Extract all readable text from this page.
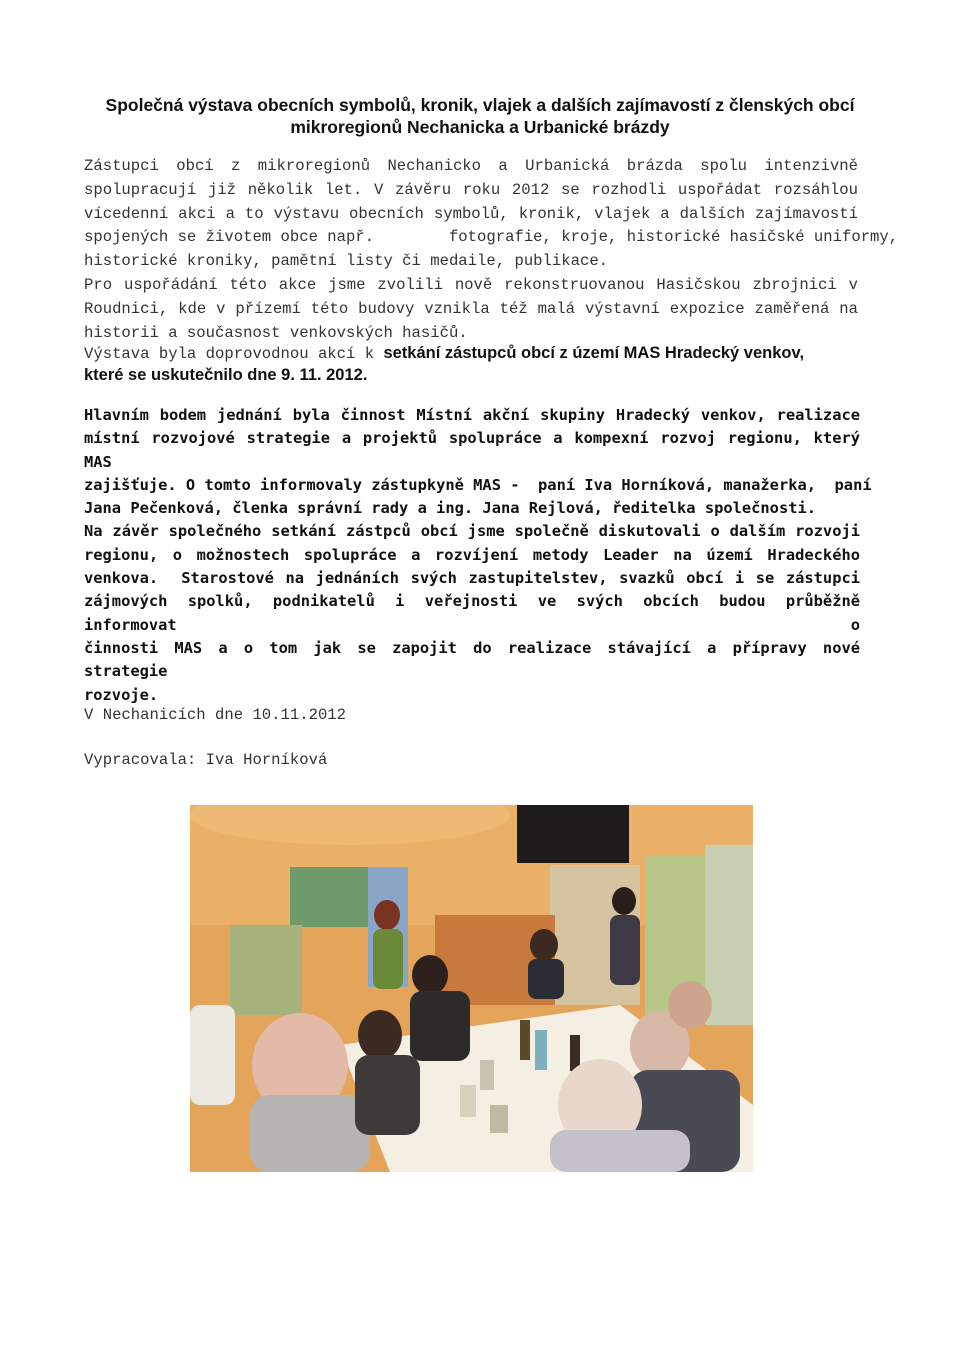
Společná výstava obecních symbolů, kronik, vlajek a dalších zajímavostí z členských obcí mikroregionů Nechanicka a Urbanické brázdy

Zástupci obcí z mikroregionů Nechanicko a Urbanická brázda spolu intenzivně
spolupracují již několik let. V závěru roku 2012 se rozhodli uspořádat rozsáhlou
vícedenní akci a to výstavu obecních symbolů, kronik, vlajek a dalších zajímavostí
spojených se životem obce např.        fotografie, kroje, historické hasičské uniformy,
historické kroniky, pamětní listy či medaile, publikace.

Pro uspořádání této akce jsme zvolili nově rekonstruovanou Hasičskou zbrojnici v
Roudnici, kde v přízemí této budovy vznikla též malá výstavní expozice zaměřená na
historii a současnost venkovských hasičů.

Výstava byla doprovodnou akcí k setkání zástupců obcí z území MAS Hradecký venkov,

které se uskutečnilo dne 9. 11. 2012.

Hlavním bodem jednání byla činnost Místní akční skupiny Hradecký venkov, realizace
místní rozvojové strategie a projektů spolupráce a kompexní rozvoj regionu, který MAS
zajišťuje. O tomto informovaly zástupkyně MAS -  paní Iva Horníková, manažerka,  paní
Jana Pečenková, členka správní rady a ing. Jana Rejlová, ředitelka společnosti.
Na závěr společného setkání zástpců obcí jsme společně diskutovali o dalším rozvoji
regionu, o možnostech spolupráce a rozvíjení metody Leader na území Hradeckého
venkova.  Starostové na jednáních svých zastupitelstev, svazků obcí i se zástupci
zájmových spolků, podnikatelů i veřejnosti ve svých obcích budou průběžně informovat o
činnosti MAS a o tom jak se zapojit do realizace stávající a přípravy nové strategie
rozvoje.

V Nechanicích dne 10.11.2012

Vypracovala: Iva Horníková
